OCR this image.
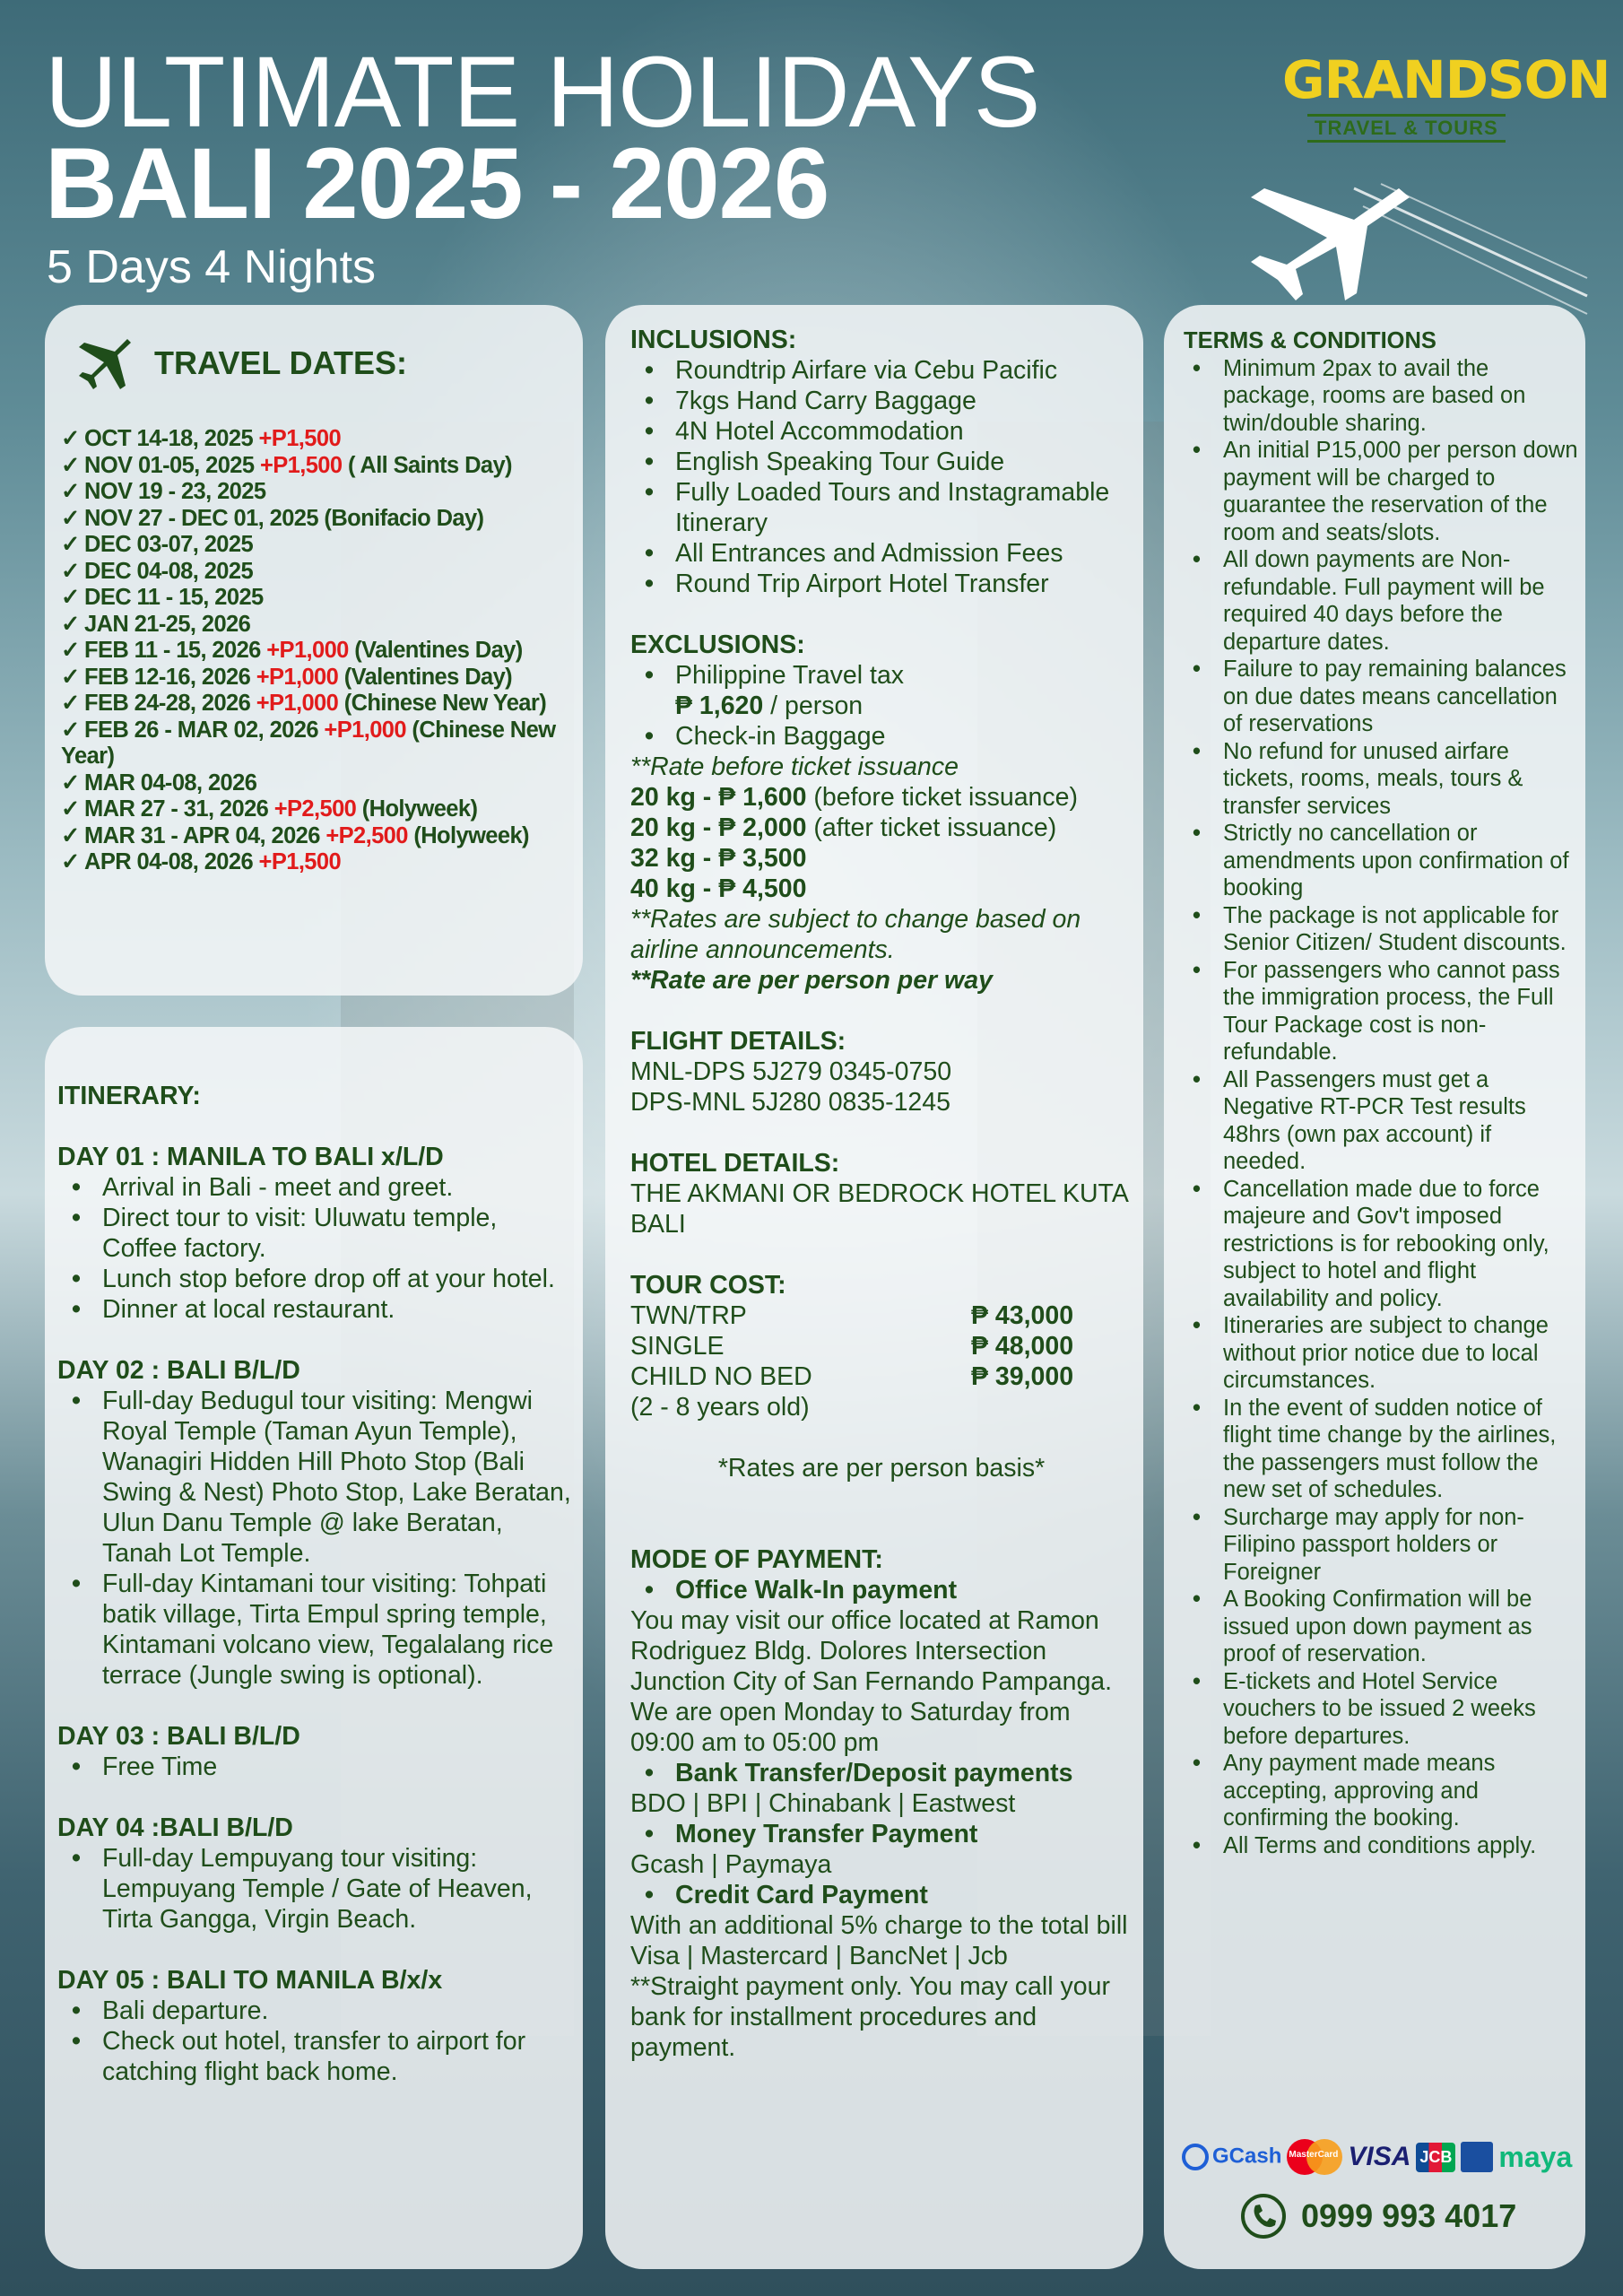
ULTIMATE HOLIDAYS
BALI 2025 - 2026
5 Days 4 Nights
GRANDSON
TRAVEL & TOURS
TRAVEL DATES:
✓ OCT 14-18, 2025 +P1,500
✓ NOV 01-05, 2025 +P1,500 ( All Saints Day)
✓ NOV 19 - 23, 2025
✓ NOV 27 - DEC 01, 2025 (Bonifacio Day)
✓ DEC 03-07, 2025
✓ DEC 04-08, 2025
✓ DEC 11 - 15, 2025
✓ JAN 21-25, 2026
✓ FEB 11 - 15, 2026 +P1,000 (Valentines Day)
✓ FEB 12-16, 2026 +P1,000 (Valentines Day)
✓ FEB 24-28, 2026 +P1,000 (Chinese New Year)
✓ FEB 26 - MAR 02, 2026 +P1,000 (Chinese New Year)
✓ MAR 04-08, 2026
✓ MAR 27 - 31, 2026 +P2,500 (Holyweek)
✓ MAR 31 - APR 04, 2026 +P2,500 (Holyweek)
✓ APR 04-08, 2026 +P1,500
ITINERARY:
DAY 01 : MANILA TO BALI x/L/D
• Arrival in Bali - meet and greet.
• Direct tour to visit: Uluwatu temple, Coffee factory.
• Lunch stop before drop off at your hotel.
• Dinner at local restaurant.
DAY 02 : BALI B/L/D
• Full-day Bedugul tour visiting: Mengwi Royal Temple (Taman Ayun Temple), Wanagiri Hidden Hill Photo Stop (Bali Swing & Nest) Photo Stop, Lake Beratan, Ulun Danu Temple @ lake Beratan, Tanah Lot Temple.
• Full-day Kintamani tour visiting: Tohpati batik village, Tirta Empul spring temple, Kintamani volcano view, Tegalalang rice terrace (Jungle swing is optional).
DAY 03 : BALI B/L/D
• Free Time
DAY 04 :BALI B/L/D
• Full-day Lempuyang tour visiting: Lempuyang Temple / Gate of Heaven, Tirta Gangga, Virgin Beach.
DAY 05 : BALI TO MANILA B/x/x
• Bali departure.
• Check out hotel, transfer to airport for catching flight back home.
INCLUSIONS:
• Roundtrip Airfare via Cebu Pacific
• 7kgs Hand Carry Baggage
• 4N Hotel Accommodation
• English Speaking Tour Guide
• Fully Loaded Tours and Instagramable Itinerary
• All Entrances and Admission Fees
• Round Trip Airport Hotel Transfer
EXCLUSIONS:
• Philippine Travel tax
₱ 1,620 / person
• Check-in Baggage
**Rate before ticket issuance
20 kg - ₱ 1,600 (before ticket issuance)
20 kg - ₱ 2,000 (after ticket issuance)
32 kg - ₱ 3,500
40 kg - ₱ 4,500
**Rates are subject to change based on airline announcements.
**Rate are per person per way
FLIGHT DETAILS:
MNL-DPS 5J279 0345-0750
DPS-MNL 5J280 0835-1245
HOTEL DETAILS:
THE AKMANI OR BEDROCK HOTEL KUTA BALI
TOUR COST:
TWN/TRP	₱ 43,000
SINGLE	₱ 48,000
CHILD NO BED	₱ 39,000
(2 - 8 years old)
*Rates are per person basis*
MODE OF PAYMENT:
• Office Walk-In payment
You may visit our office located at Ramon Rodriguez Bldg. Dolores Intersection Junction City of San Fernando Pampanga. We are open Monday to Saturday from 09:00 am to 05:00 pm
• Bank Transfer/Deposit payments
BDO | BPI | Chinabank | Eastwest
• Money Transfer Payment
Gcash | Paymaya
• Credit Card Payment
With an additional 5% charge to the total bill
Visa | Mastercard | BancNet | Jcb
**Straight payment only. You may call your bank for installment procedures and payment.
TERMS & CONDITIONS
• Minimum 2pax to avail the package, rooms are based on twin/double sharing.
• An initial P15,000 per person down payment will be charged to guarantee the reservation of the room and seats/slots.
• All down payments are Non-refundable. Full payment will be required 40 days before the departure dates.
• Failure to pay remaining balances on due dates means cancellation of reservations
• No refund for unused airfare tickets, rooms, meals, tours & transfer services
• Strictly no cancellation or amendments upon confirmation of booking
• The package is not applicable for Senior Citizen/ Student discounts.
• For passengers who cannot pass the immigration process, the Full Tour Package cost is non-refundable.
• All Passengers must get a Negative RT-PCR Test results 48hrs (own pax account) if needed.
• Cancellation made due to force majeure and Gov't imposed restrictions is for rebooking only, subject to hotel and flight availability and policy.
• Itineraries are subject to change without prior notice due to local circumstances.
• In the event of sudden notice of flight time change by the airlines, the passengers must follow the new set of schedules.
• Surcharge may apply for non-Filipino passport holders or Foreigner
• A Booking Confirmation will be issued upon down payment as proof of reservation.
• E-tickets and Hotel Service vouchers to be issued 2 weeks before departures.
• Any payment made means accepting, approving and confirming the booking.
• All Terms and conditions apply.
GCash MasterCard VISA JCB maya
0999 993 4017
